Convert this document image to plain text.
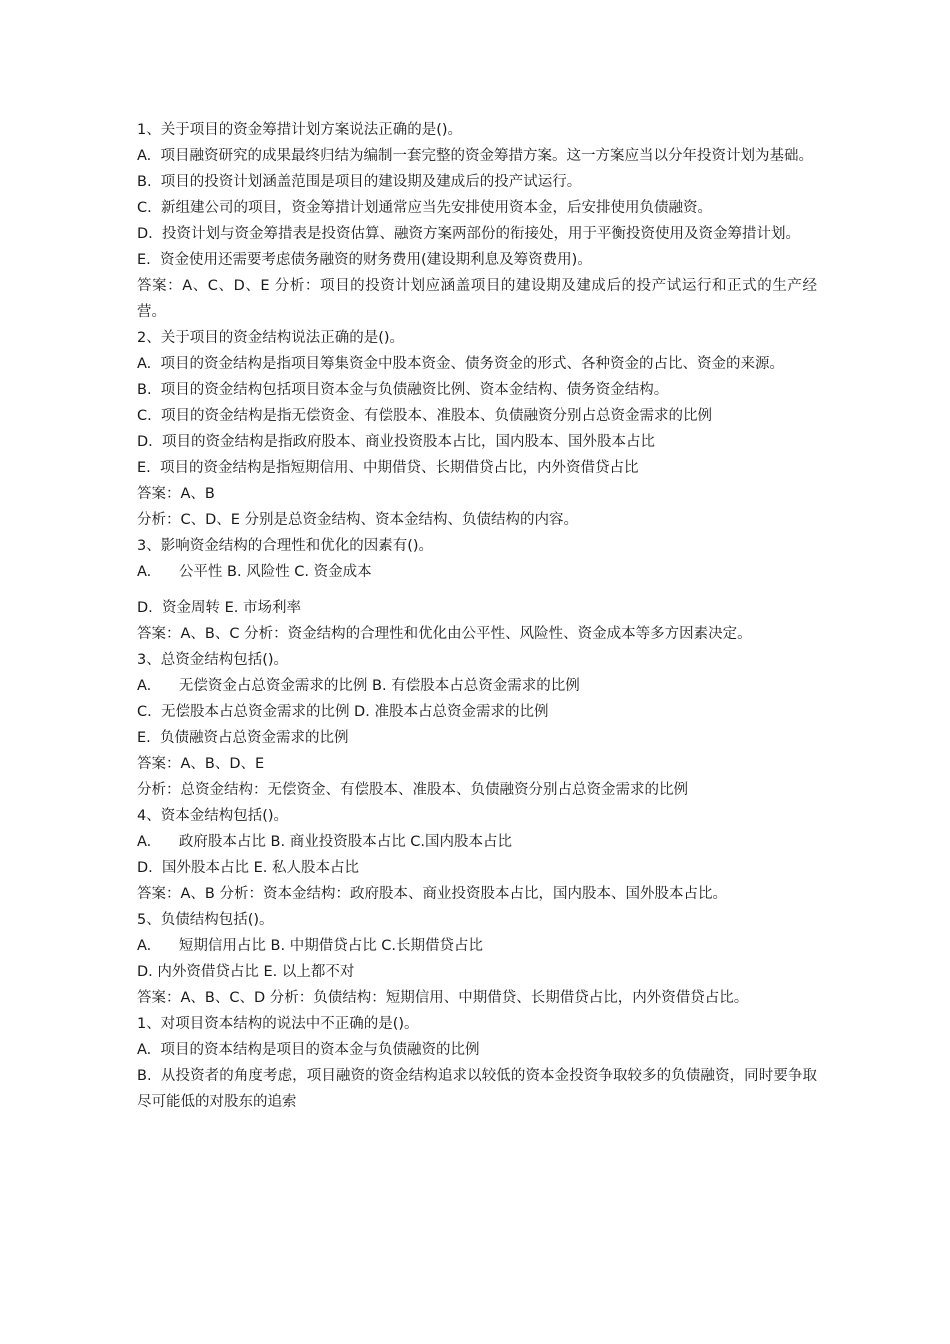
1、关于项目的资金筹措计划方案说法正确的是()。
A.  项目融资研究的成果最终归结为编制一套完整的资金筹措方案。这一方案应当以分年投资计划为基础。
B.  项目的投资计划涵盖范围是项目的建设期及建成后的投产试运行。
C.  新组建公司的项目，资金筹措计划通常应当先安排使用资本金，后安排使用负债融资。
D.  投资计划与资金筹措表是投资估算、融资方案两部份的衔接处，用于平衡投资使用及资金筹措计划。
E.  资金使用还需要考虑债务融资的财务费用(建设期利息及筹资费用)。
答案：A、C、D、E 分析：项目的投资计划应涵盖项目的建设期及建成后的投产试运行和正式的生产经营。
2、关于项目的资金结构说法正确的是()。
A.  项目的资金结构是指项目筹集资金中股本资金、债务资金的形式、各种资金的占比、资金的来源。
B.  项目的资金结构包括项目资本金与负债融资比例、资本金结构、债务资金结构。
C.  项目的资金结构是指无偿资金、有偿股本、准股本、负债融资分别占总资金需求的比例
D.  项目的资金结构是指政府股本、商业投资股本占比，国内股本、国外股本占比
E.  项目的资金结构是指短期信用、中期借贷、长期借贷占比，内外资借贷占比
答案：A、B
分析：C、D、E 分别是总资金结构、资本金结构、负债结构的内容。
3、影响资金结构的合理性和优化的因素有()。
A.      公平性 B. 风险性 C. 资金成本
D.  资金周转 E. 市场利率
答案：A、B、C 分析：资金结构的合理性和优化由公平性、风险性、资金成本等多方因素决定。
3、总资金结构包括()。
A.      无偿资金占总资金需求的比例 B. 有偿股本占总资金需求的比例
C.  无偿股本占总资金需求的比例 D. 准股本占总资金需求的比例
E.  负债融资占总资金需求的比例
答案：A、B、D、E
分析：总资金结构：无偿资金、有偿股本、准股本、负债融资分别占总资金需求的比例
4、资本金结构包括()。
A.      政府股本占比 B. 商业投资股本占比 C.国内股本占比
D.  国外股本占比 E. 私人股本占比
答案：A、B 分析：资本金结构：政府股本、商业投资股本占比，国内股本、国外股本占比。
5、负债结构包括()。
A.      短期信用占比 B. 中期借贷占比 C.长期借贷占比
D. 内外资借贷占比 E. 以上都不对
答案：A、B、C、D 分析：负债结构：短期信用、中期借贷、长期借贷占比，内外资借贷占比。
1、对项目资本结构的说法中不正确的是()。
A.  项目的资本结构是项目的资本金与负债融资的比例
B.  从投资者的角度考虑，项目融资的资金结构追求以较低的资本金投资争取较多的负债融资，同时要争取尽可能低的对股东的追索
